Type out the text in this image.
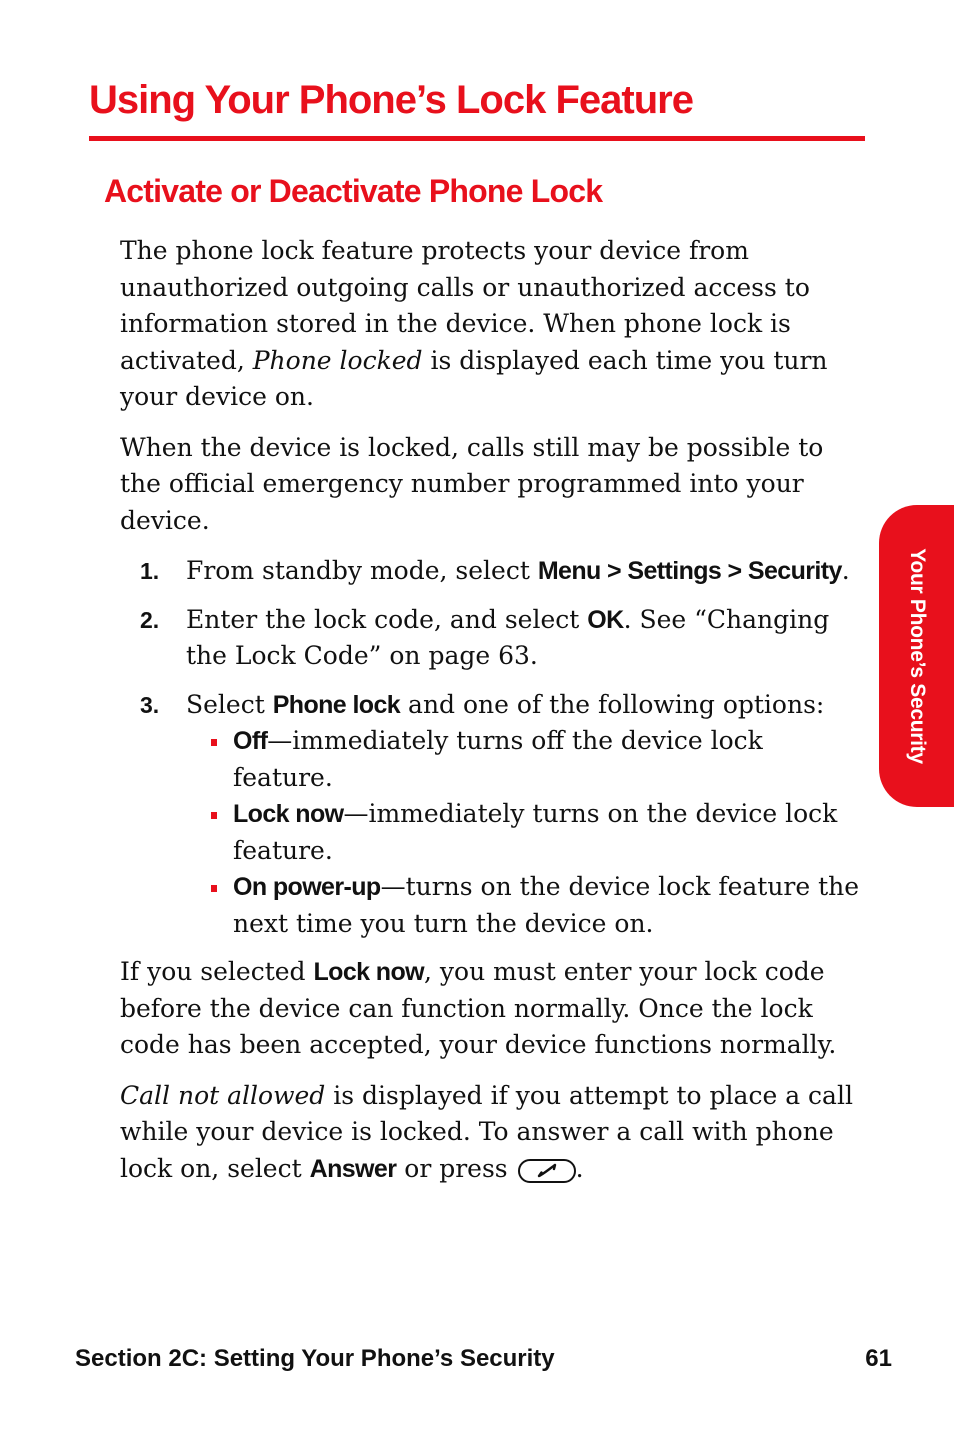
Using Your Phone’s Lock Feature
Activate or Deactivate Phone Lock

The phone lock feature protects your device from unauthorized outgoing calls or unauthorized access to information stored in the device. When phone lock is activated, Phone locked is displayed each time you turn your device on.

When the device is locked, calls still may be possible to the official emergency number programmed into your device.

1. From standby mode, select Menu > Settings > Security.
2. Enter the lock code, and select OK. See “Changing the Lock Code” on page 63.
3. Select Phone lock and one of the following options:
Off—immediately turns off the device lock feature.
Lock now—immediately turns on the device lock feature.
On power-up—turns on the device lock feature the next time you turn the device on.

If you selected Lock now, you must enter your lock code before the device can function normally. Once the lock code has been accepted, your device functions normally.

Call not allowed is displayed if you attempt to place a call while your device is locked. To answer a call with phone lock on, select Answer or press	.

Your Phone’s Security
Section 2C: Setting Your Phone’s Security	61
